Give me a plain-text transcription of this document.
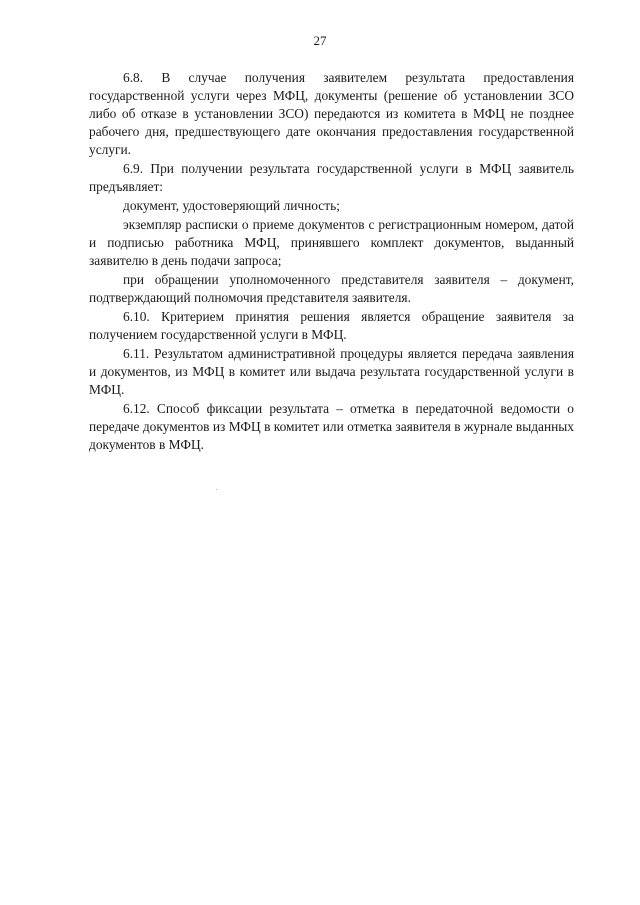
27

6.8. В случае получения заявителем результата предоставления государственной услуги через МФЦ, документы (решение об установлении ЗСО либо об отказе в установлении ЗСО) передаются из комитета в МФЦ не позднее рабочего дня, предшествующего дате окончания предоставления государственной услуги.

6.9. При получении результата государственной услуги в МФЦ заявитель предъявляет:

документ, удостоверяющий личность;

экземпляр расписки о приеме документов с регистрационным номером, датой и подписью работника МФЦ, принявшего комплект документов, выданный заявителю в день подачи запроса;

при обращении уполномоченного представителя заявителя – документ, подтверждающий полномочия представителя заявителя.

6.10. Критерием принятия решения является обращение заявителя за получением государственной услуги в МФЦ.

6.11. Результатом административной процедуры является передача заявления и документов, из МФЦ в комитет или выдача результата государственной услуги в МФЦ.

6.12. Способ фиксации результата – отметка в передаточной ведомости о передаче документов из МФЦ в комитет или отметка заявителя в журнале выданных документов в МФЦ.
